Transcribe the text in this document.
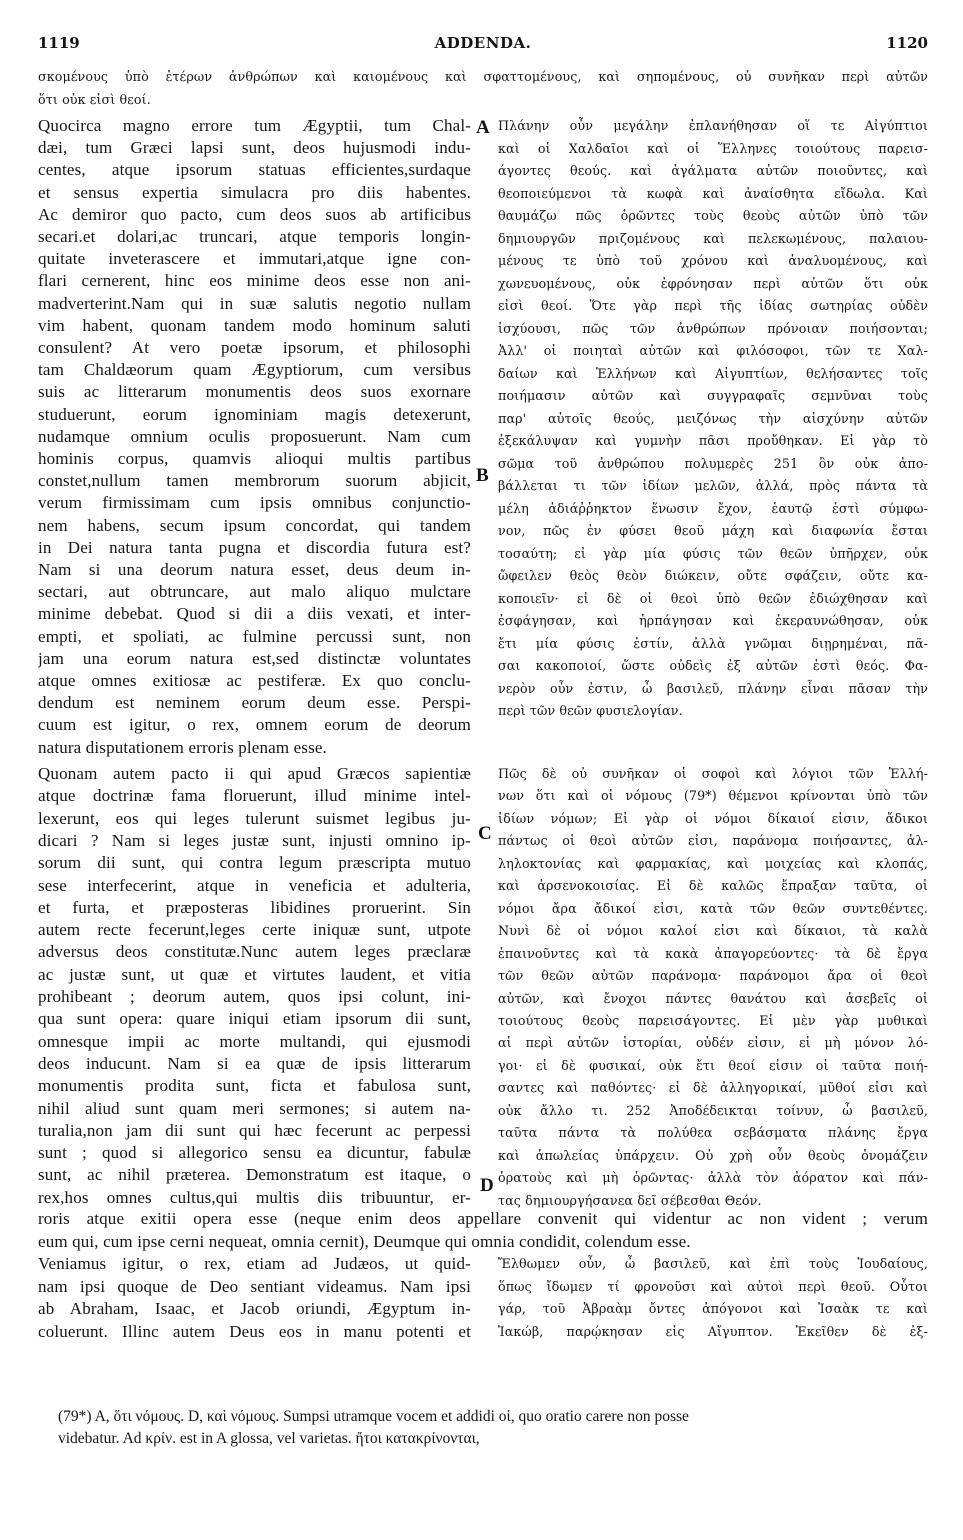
1119	ADDENDA.	1120
σκομένους ὑπὸ ἑτέρων ἀνθρώπων καὶ καιομένους καὶ σφαττομένους, καὶ σηπομένους, οὐ συνῆκαν περὶ αὐτῶν
ὅτι οὐκ εἰσὶ θεοί.
Quocirca magno errore tum Ægyptii, tum Chal-
dæi, tum Græci lapsi sunt, deos hujusmodi indu-
centes, atque ipsorum statuas efficientes,surdaque
et sensus expertia simulacra pro diis habentes.
Ac demiror quo pacto, cum deos suos ab artificibus
secari.et dolari,ac truncari, atque temporis longin-
quitate inveterascere et immutari,atque igne con-
flari cernerent, hinc eos minime deos esse non ani-
madverterint.Nam qui in suæ salutis negotio nullam
vim habent, quonam tandem modo hominum saluti
consulent? At vero poetæ ipsorum, et philosophi
tam Chaldæorum quam Ægyptiorum, cum versibus
suis ac litterarum monumentis deos suos exornare
studuerunt, eorum ignominiam magis detexerunt,
nudamque omnium oculis proposuerunt. Nam cum
hominis corpus, quamvis alioqui multis partibus
constet,nullum tamen membrorum suorum abjicit,
verum firmissimam cum ipsis omnibus conjunctio-
nem habens, secum ipsum concordat, qui tandem
in Dei natura tanta pugna et discordia futura est?
Nam si una deorum natura esset, deus deum in-
sectari, aut obtruncare, aut malo aliquo mulctare
minime debebat. Quod si dii a diis vexati, et inter-
empti, et spoliati, ac fulmine percussi sunt, non
jam una eorum natura est,sed distinctæ voluntates
atque omnes exitiosæ ac pestiferæ. Ex quo conclu-
dendum est neminem eorum deum esse. Perspi-
cuum est igitur, o rex, omnem eorum de deorum
natura disputationem erroris plenam esse.
Quonam autem pacto ii qui apud Græcos sapientiæ
atque doctrinæ fama floruerunt, illud minime intel-
lexerunt, eos qui leges tulerunt suismet legibus ju-
dicari ? Nam si leges justæ sunt, injusti omnino ip-
sorum dii sunt, qui contra legum præscripta mutuo
sese interfecerint, atque in veneficia et adulteria,
et furta, et præposteras libidines proruerint. Sin
autem recte fecerunt,leges certe iniquæ sunt, utpote
adversus deos constitutæ.Nunc autem leges præclaræ
ac justæ sunt, ut quæ et virtutes laudent, et vitia
prohibeant ; deorum autem, quos ipsi colunt, ini-
qua sunt opera: quare iniqui etiam ipsorum dii sunt,
omnesque impii ac morte multandi, qui ejusmodi
deos inducunt. Nam si ea quæ de ipsis litterarum
monumentis prodita sunt, ficta et fabulosa sunt,
nihil aliud sunt quam meri sermones; si autem na-
turalia,non jam dii sunt qui hæc fecerunt ac perpessi
sunt ; quod si allegorico sensu ea dicuntur, fabulæ
sunt, ac nihil præterea. Demonstratum est itaque, o
rex,hos omnes cultus,qui multis diis tribuuntur, er-
roris atque exitii opera esse (neque enim deos appellare convenit qui videntur ac non vident ; verum
eum qui, cum ipse cerni nequeat, omnia cernit), Deumque qui omnia condidit, colendum esse.
Veniamus igitur, o rex, etiam ad Judæos, ut quid-
nam ipsi quoque de Deo sentiant videamus. Nam ipsi
ab Abraham, Isaac, et Jacob oriundi, Ægyptum in-
coluerunt. Illinc autem Deus eos in manu potenti et
Πλάνην οὖν μεγάλην ἐπλανήθησαν οἵ τε Αἰγύπτιοι
καὶ οἱ Χαλδαῖοι καὶ οἱ Ἕλληνες τοιούτους παρεισ-
άγοντες θεούς. καὶ ἀγάλματα αὐτῶν ποιοῦντες, καὶ
θεοποιεύμενοι τὰ κωφὰ καὶ ἀναίσθητα εἴδωλα. Καὶ
θαυμάζω πῶς ὁρῶντες τοὺς θεοὺς αὐτῶν ὑπὸ τῶν
δημιουργῶν πριζομένους καὶ πελεκωμένους, παλαιου-
μένους τε ὑπὸ τοῦ χρόνου καὶ ἀναλυομένους, καὶ
χωνευομένους, οὐκ ἐφρόνησαν περὶ αὐτῶν ὅτι οὐκ
εἰσὶ θεοί. Ὅτε γὰρ περὶ τῆς ἰδίας σωτηρίας οὐδὲν
ἰσχύουσι, πῶς τῶν ἀνθρώπων πρόνοιαν ποιήσονται;
Ἀλλ' οἱ ποιηταὶ αὐτῶν καὶ φιλόσοφοι, τῶν τε Χαλ-
δαίων καὶ Ἑλλήνων καὶ Αἰγυπτίων, θελήσαντες τοῖς
ποιήμασιν αὐτῶν καὶ συγγραφαῖς σεμνῦναι τοὺς
παρ' αὐτοῖς θεούς, μειζόνως τὴν αἰσχύνην αὐτῶν
ἐξεκάλυψαν καὶ γυμνὴν πᾶσι προὔθηκαν. Εἰ γὰρ τὸ
σῶμα τοῦ ἀνθρώπου πολυμερὲς 251 ὂν οὐκ ἀπο-
βάλλεται τι τῶν ἰδίων μελῶν, ἀλλά, πρὸς πάντα τὰ
μέλη ἀδιάῤῥηκτον ἕνωσιν ἔχον, ἑαυτῷ ἐστὶ σύμφω-
νον, πῶς ἐν φύσει θεοῦ μάχη καὶ διαφωνία ἔσται
τοσαύτη; εἰ γὰρ μία φύσις τῶν θεῶν ὑπῆρχεν, οὐκ
ὤφειλεν θεὸς θεὸν διώκειν, οὔτε σφάζειν, οὔτε κα-
κοποιεῖν· εἰ δὲ οἱ θεοὶ ὑπὸ θεῶν ἐδιώχθησαν καὶ
ἐσφάγησαν, καὶ ἡρπάγησαν καὶ ἐκεραυνώθησαν, οὐκ
ἔτι μία φύσις ἐστίν, ἀλλὰ γνῶμαι διῃρημέναι, πᾶ-
σαι κακοποιοί, ὥστε οὐδεὶς ἐξ αὐτῶν ἐστὶ θεός. Φα-
νερὸν οὖν ἐστιν, ὦ βασιλεῦ, πλάνην εἶναι πᾶσαν τὴν
περὶ τῶν θεῶν φυσιελογίαν.
Πῶς δὲ οὐ συνῆκαν οἱ σοφοὶ καὶ λόγιοι τῶν Ἑλλή-
νων ὅτι καὶ οἱ νόμους (79*) θέμενοι κρίνονται ὑπὸ τῶν
ἰδίων νόμων; Εἰ γὰρ οἱ νόμοι δίκαιοί εἰσιν, ἄδικοι
πάντως οἱ θεοὶ αὐτῶν εἰσι, παράνομα ποιήσαντες, ἀλ-
ληλοκτονίας καὶ φαρμακίας, καὶ μοιχείας καὶ κλοπάς,
καὶ ἀρσενοκοισίας. Εἰ δὲ καλῶς ἔπραξαν ταῦτα, οἱ
νόμοι ἄρα ἄδικοί εἰσι, κατὰ τῶν θεῶν συντεθέντες.
Νυνὶ δὲ οἱ νόμοι καλοί εἰσι καὶ δίκαιοι, τὰ καλὰ
ἐπαινοῦντες καὶ τὰ κακὰ ἀπαγορεύοντες· τὰ δὲ ἔργα
τῶν θεῶν αὐτῶν παράνομα· παράνομοι ἄρα οἱ θεοὶ
αὐτῶν, καὶ ἔνοχοι πάντες θανάτου καὶ ἀσεβεῖς οἱ
τοιούτους θεοὺς παρεισάγοντες. Εἰ μὲν γὰρ μυθικαὶ
αἱ περὶ αὐτῶν ἱστορίαι, οὐδέν εἰσιν, εἰ μὴ μόνον λό-
γοι· εἰ δὲ φυσικαί, οὐκ ἔτι θεοί εἰσιν οἱ ταῦτα ποιή-
σαντες καὶ παθόντες· εἰ δὲ ἀλληγορικαί, μῦθοί εἰσι καὶ
οὐκ ἄλλο τι. 252 Ἀποδέδεικται τοίνυν, ὦ βασιλεῦ,
ταῦτα πάντα τὰ πολύθεα σεβάσματα πλάνης ἔργα
καὶ ἀπωλείας ὑπάρχειν. Οὐ χρὴ οὖν θεοὺς ὀνομάζειν
ὁρατοὺς καὶ μὴ ὁρῶντας· ἀλλὰ τὸν ἀόρατον καὶ πάν-
τας δημιουργήσανεα δεῖ σέβεσθαι Θεόν.
Ἔλθωμεν οὖν, ὦ βασιλεῦ, καὶ ἐπὶ τοὺς Ἰουδαίους,
ὅπως ἴδωμεν τί φρονοῦσι καὶ αὐτοὶ περὶ θεοῦ. Οὗτοι
γάρ, τοῦ Ἀβραὰμ ὄντες ἀπόγονοι καὶ Ἰσαὰκ τε καὶ
Ἰακώβ, παρῴκησαν εἰς Αἴγυπτον. Ἐκεῖθεν δὲ ἐξ-
A
B
C
D
(79*) A, ὅτι νόμους. D, καὶ νόμους. Sumpsi utramque vocem et addidi οἱ, quo oratio carere non posse
videbatur. Ad κρίν. est in A glossa, vel varietas. ἤτοι κατακρίνονται,
